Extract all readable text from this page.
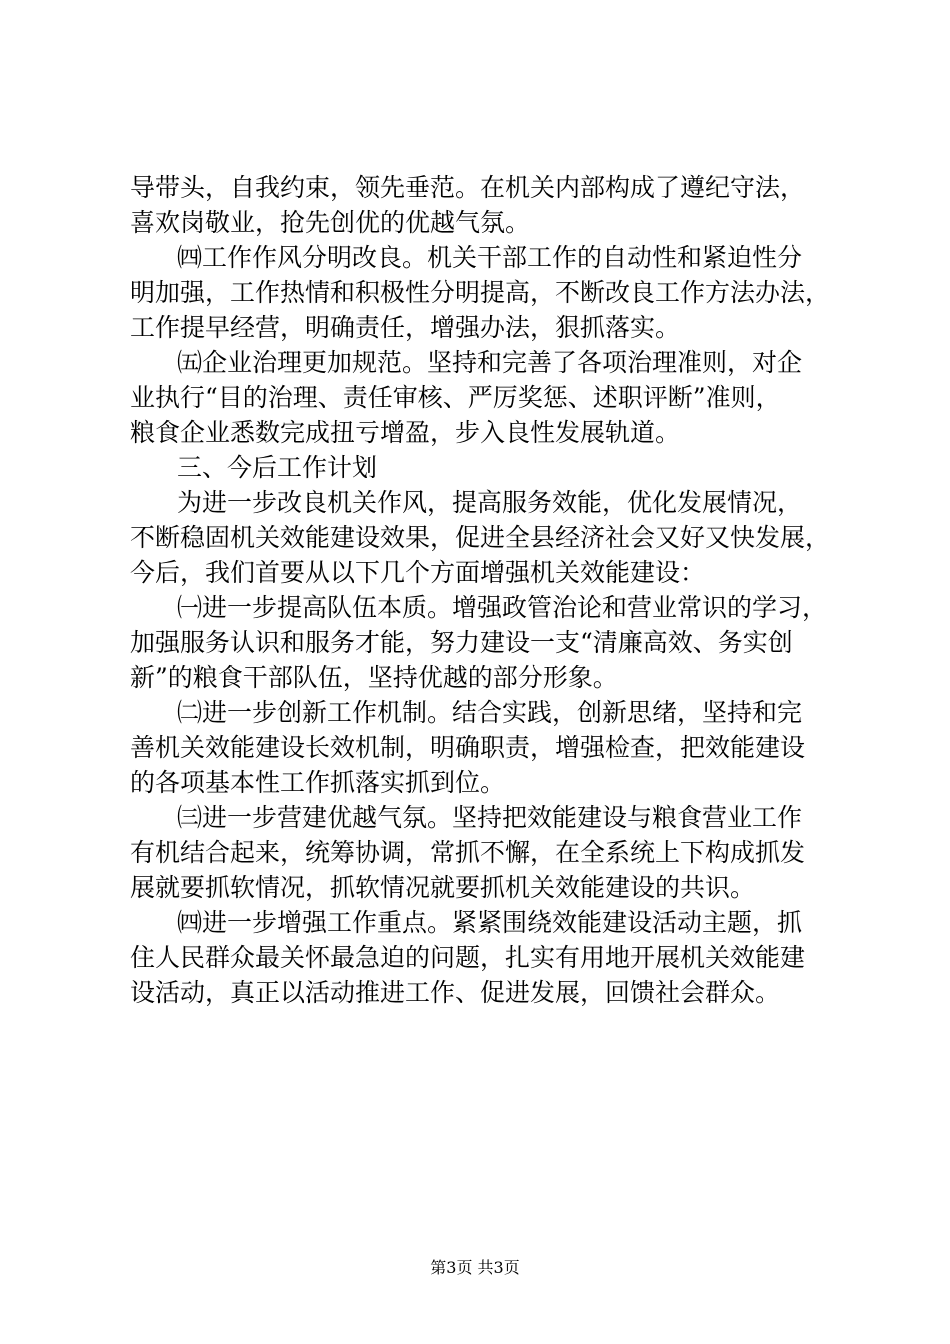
导带头，自我约束，领先垂范。在机关内部构成了遵纪守法，
喜欢岗敬业，抢先创优的优越气氛。
㈣工作作风分明改良。机关干部工作的自动性和紧迫性分
明加强，工作热情和积极性分明提高，不断改良工作方法办法，
工作提早经营，明确责任，增强办法，狠抓落实。
㈤企业治理更加规范。坚持和完善了各项治理准则，对企
业执行“目的治理、责任审核、严厉奖惩、述职评断”准则，
粮食企业悉数完成扭亏增盈，步入良性发展轨道。
三、今后工作计划
为进一步改良机关作风，提高服务效能，优化发展情况，
不断稳固机关效能建设效果，促进全县经济社会又好又快发展，
今后，我们首要从以下几个方面增强机关效能建设：
㈠进一步提高队伍本质。增强政管治论和营业常识的学习，
加强服务认识和服务才能，努力建设一支“清廉高效、务实创
新”的粮食干部队伍，坚持优越的部分形象。
㈡进一步创新工作机制。结合实践，创新思绪，坚持和完
善机关效能建设长效机制，明确职责，增强检查，把效能建设
的各项基本性工作抓落实抓到位。
㈢进一步营建优越气氛。坚持把效能建设与粮食营业工作
有机结合起来，统筹协调，常抓不懈，在全系统上下构成抓发
展就要抓软情况，抓软情况就要抓机关效能建设的共识。
㈣进一步增强工作重点。紧紧围绕效能建设活动主题，抓
住人民群众最关怀最急迫的问题，扎实有用地开展机关效能建
设活动，真正以活动推进工作、促进发展，回馈社会群众。
第3页 共3页
